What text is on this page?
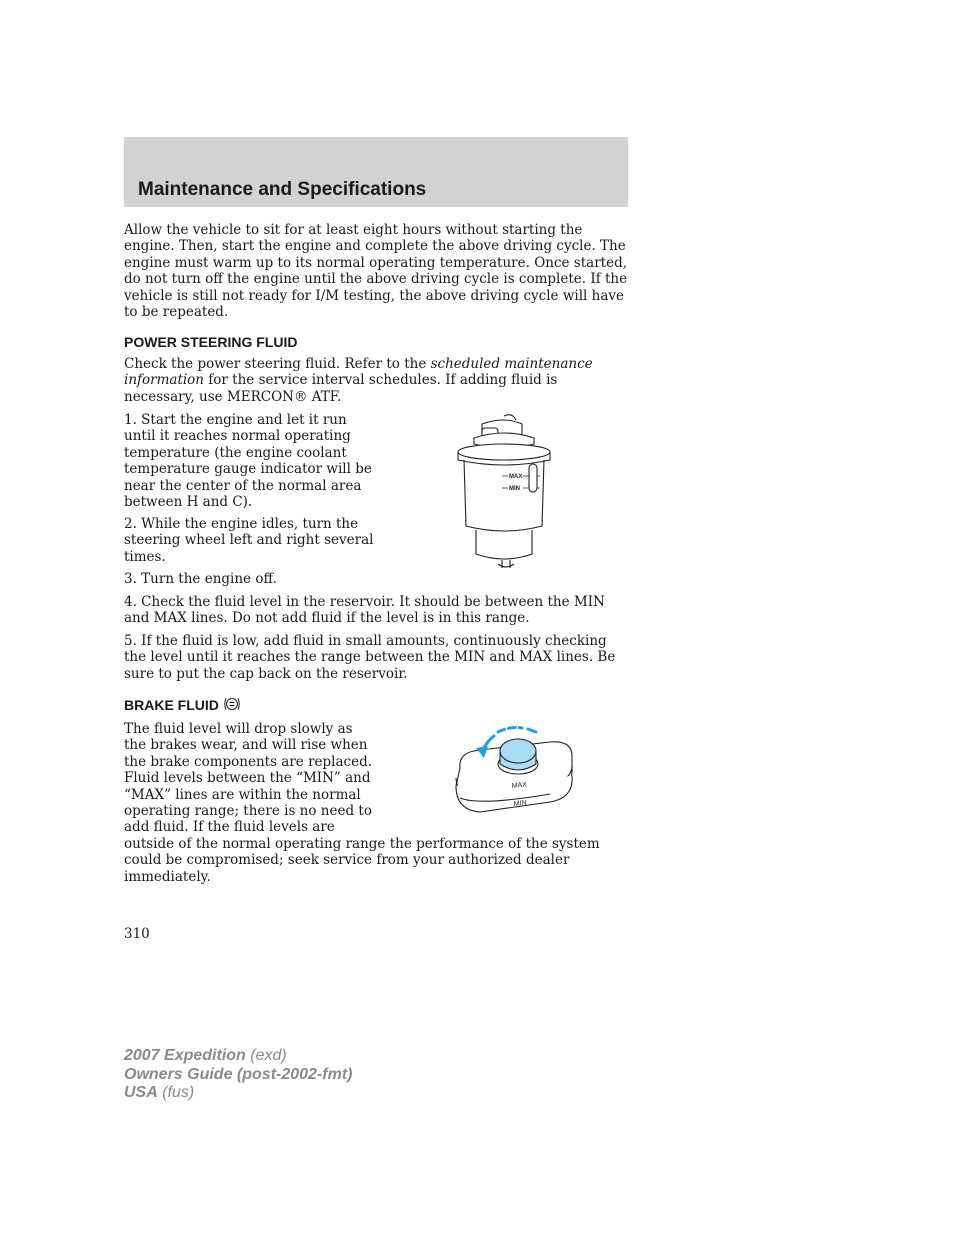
Maintenance and Specifications

Allow the vehicle to sit for at least eight hours without starting the engine. Then, start the engine and complete the above driving cycle. The engine must warm up to its normal operating temperature. Once started, do not turn off the engine until the above driving cycle is complete. If the vehicle is still not ready for I/M testing, the above driving cycle will have to be repeated.

POWER STEERING FLUID

Check the power steering fluid. Refer to the scheduled maintenance information for the service interval schedules. If adding fluid is necessary, use MERCON® ATF.

1. Start the engine and let it run until it reaches normal operating temperature (the engine coolant temperature gauge indicator will be near the center of the normal area between H and C).

2. While the engine idles, turn the steering wheel left and right several times.

3. Turn the engine off.

4. Check the fluid level in the reservoir. It should be between the MIN and MAX lines. Do not add fluid if the level is in this range.

5. If the fluid is low, add fluid in small amounts, continuously checking the level until it reaches the range between the MIN and MAX lines. Be sure to put the cap back on the reservoir.

MAX
MIN
BRAKE FLUID

The fluid level will drop slowly as the brakes wear, and will rise when the brake components are replaced. Fluid levels between the “MIN” and “MAX” lines are within the normal operating range; there is no need to add fluid. If the fluid levels are

outside of the normal operating range the performance of the system could be compromised; seek service from your authorized dealer immediately.

MAX
MIN

310

2007 Expedition (exd)
Owners Guide (post-2002-fmt)
USA (fus)
